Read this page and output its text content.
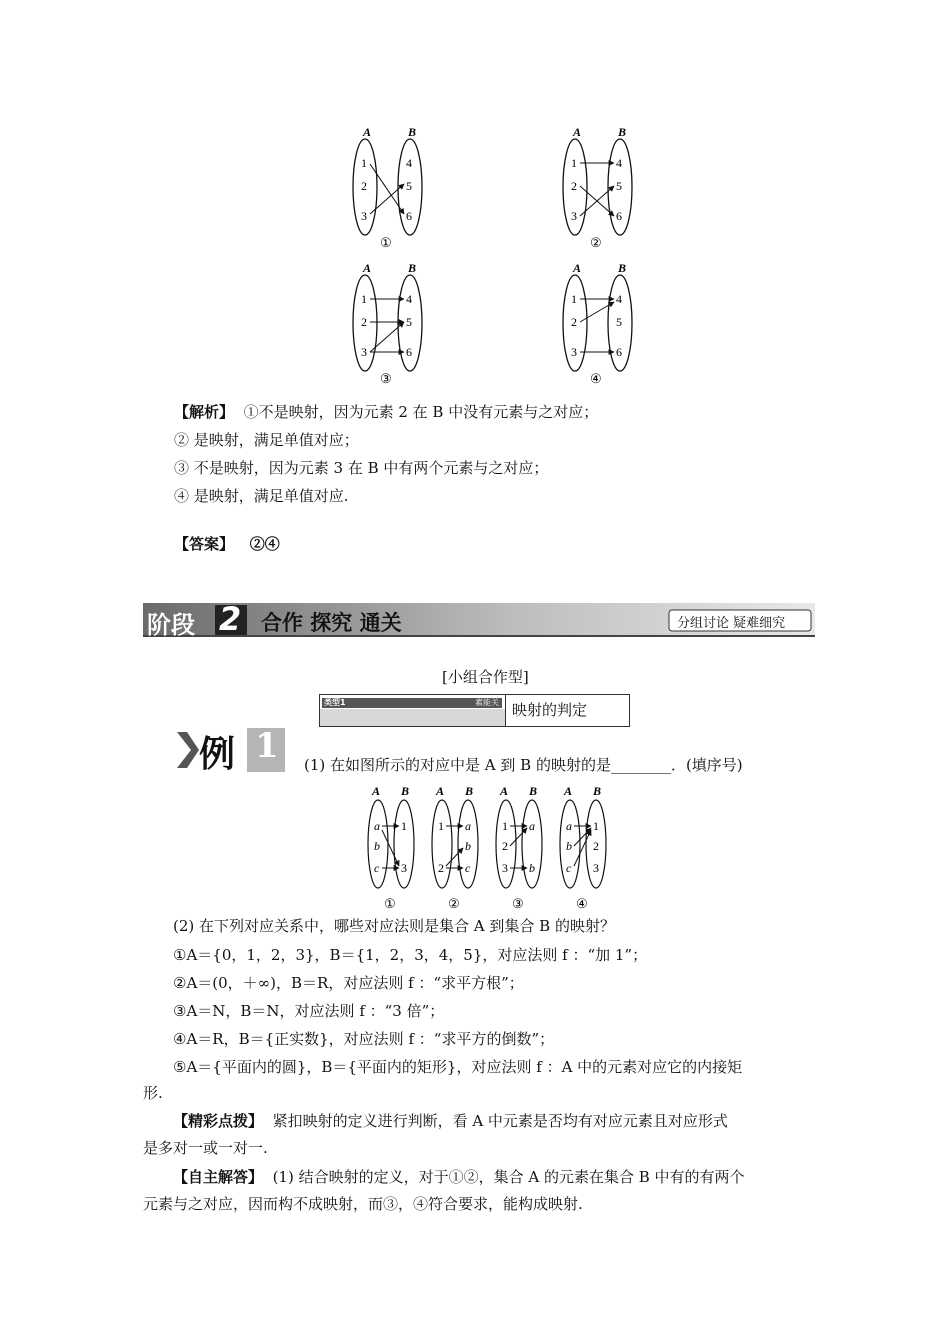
A	B
1
2
3
4
5
6
①
A	B
1
2
3
4
5
6
②
A	B
1
2
3
4
5
6
③
A	B
1
2
3
4
5
6
④
【解析】 ①不是映射，因为元素 2 在 B 中没有元素与之对应；
② 是映射，满足单值对应；
③ 不是映射，因为元素 3 在 B 中有两个元素与之对应；
④ 是映射，满足单值对应.
【答案】 ②④
阶段 2 合作 探究 通关	分组讨论 疑难细究
[小组合作型]
类型1	素能关 映射的判定
例 1 (1) 在如图所示的对应中是 A 到 B 的映射的是________．(填序号)
A B
a
b
c
1
3
①
A B
1
2
a
b
c
②
A B
1
2
3
a
b
③
A B
a
b
c
1
2
3
④
(2) 在下列对应关系中，哪些对应法则是集合 A 到集合 B 的映射？
①A＝{0，1，2，3}，B＝{1，2，3，4，5}，对应法则 f ：“加 1”；
②A＝(0，＋∞)，B＝R，对应法则 f ：“求平方根”；
③A＝N，B＝N，对应法则 f ：“3 倍”；
④A＝R，B＝{正实数}，对应法则 f ：“求平方的倒数”；
⑤A＝{平面内的圆}，B＝{平面内的矩形}，对应法则 f ：A 中的元素对应它的内接矩
形.
【精彩点拨】 紧扣映射的定义进行判断，看 A 中元素是否均有对应元素且对应形式
是多对一或一对一.
【自主解答】 (1) 结合映射的定义，对于①②，集合 A 的元素在集合 B 中有的有两个
元素与之对应，因而构不成映射，而③，④符合要求，能构成映射.
